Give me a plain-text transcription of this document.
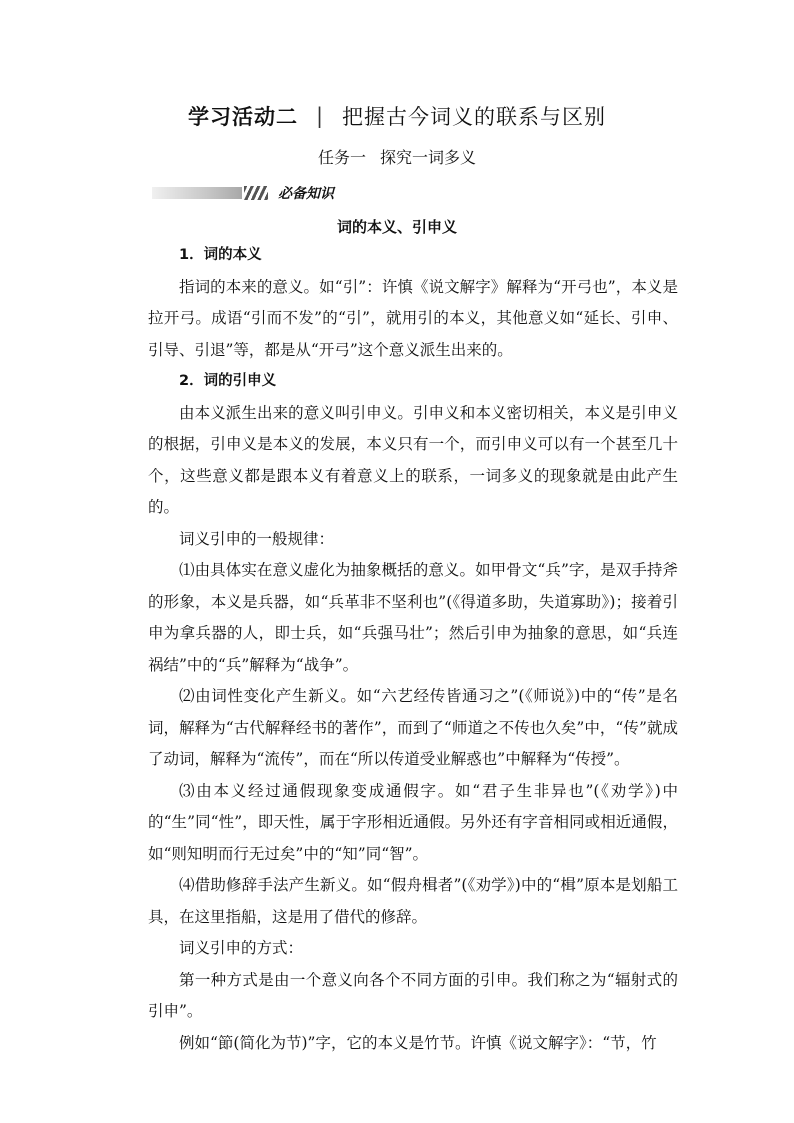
学习活动二 | 把握古今词义的联系与区别
任务一 探究一词多义
必备知识
词的本义、引申义

1．词的本义

指词的本来的意义。如“引”：许慎《说文解字》解释为“开弓也”，本义是拉开弓。成语“引而不发”的“引”，就用引的本义，其他意义如“延长、引申、引导、引退”等，都是从“开弓”这个意义派生出来的。

2．词的引申义

由本义派生出来的意义叫引申义。引申义和本义密切相关，本义是引申义的根据，引申义是本义的发展，本义只有一个，而引申义可以有一个甚至几十个，这些意义都是跟本义有着意义上的联系，一词多义的现象就是由此产生的。

词义引申的一般规律：

⑴由具体实在意义虚化为抽象概括的意义。如甲骨文“兵”字，是双手持斧的形象，本义是兵器，如“兵革非不坚利也”(《得道多助，失道寡助》)；接着引申为拿兵器的人，即士兵，如“兵强马壮”；然后引申为抽象的意思，如“兵连祸结”中的“兵”解释为“战争”。

⑵由词性变化产生新义。如“六艺经传皆通习之”(《师说》)中的“传”是名词，解释为“古代解释经书的著作”，而到了“师道之不传也久矣”中，“传”就成了动词，解释为“流传”，而在“所以传道受业解惑也”中解释为“传授”。

⑶由本义经过通假现象变成通假字。如“君子生非异也”(《劝学》)中的“生”同“性”，即天性，属于字形相近通假。另外还有字音相同或相近通假，如“则知明而行无过矣”中的“知”同“智”。

⑷借助修辞手法产生新义。如“假舟楫者”(《劝学》)中的“楫”原本是划船工具，在这里指船，这是用了借代的修辞。

词义引申的方式：

第一种方式是由一个意义向各个不同方面的引申。我们称之为“辐射式的引申”。

例如“節(简化为节)”字，它的本义是竹节。许慎《说文解字》：“节，竹
